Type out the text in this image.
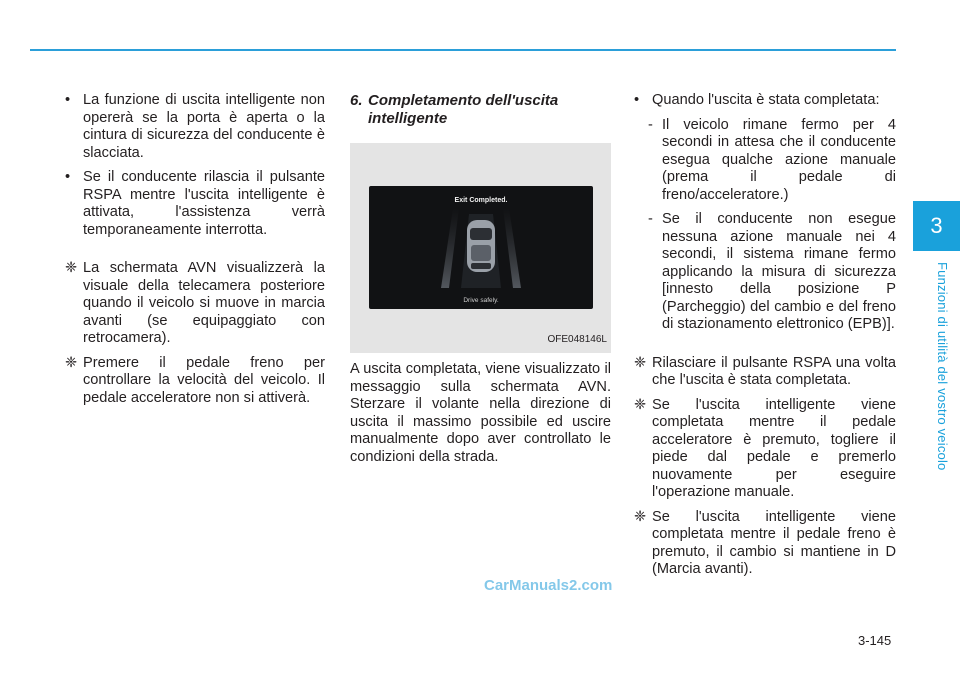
3
Funzioni di utilità del vostro veicolo
• La funzione di uscita intelligente non opererà se la porta è aperta o la cintura di sicurezza del conducente è slacciata.
• Se il conducente rilascia il pulsante RSPA mentre l'uscita intelligente è attivata, l'assistenza verrà temporaneamente interrotta.
❈ La schermata AVN visualizzerà la visuale della telecamera posteriore quando il veicolo si muove in marcia avanti (se equipaggiato con retrocamera).
❈ Premere il pedale freno per controllare la velocità del veicolo. Il pedale acceleratore non si attiverà.
6. Completamento dell'uscita intelligente
Exit Completed.
Drive safely.
OFE048146L
A uscita completata, viene visualizzato il messaggio sulla schermata AVN. Sterzare il volante nella direzione di uscita il massimo possibile ed uscire manualmente dopo aver controllato le condizioni della strada.
• Quando l'uscita è stata completata:
- Il veicolo rimane fermo per 4 secondi in attesa che il conducente esegua qualche azione manuale (prema il pedale di freno/acceleratore.)
- Se il conducente non esegue nessuna azione manuale nei 4 secondi, il sistema rimane fermo applicando la misura di sicurezza [innesto della posizione P (Parcheggio) del cambio e del freno di stazionamento elettronico (EPB)].
❈ Rilasciare il pulsante RSPA una volta che l'uscita è stata completata.
❈ Se l'uscita intelligente viene completata mentre il pedale acceleratore è premuto, togliere il piede dal pedale e premerlo nuovamente per eseguire l'operazione manuale.
❈ Se l'uscita intelligente viene completata mentre il pedale freno è premuto, il cambio si mantiene in D (Marcia avanti).
CarManuals2.com
3-145
